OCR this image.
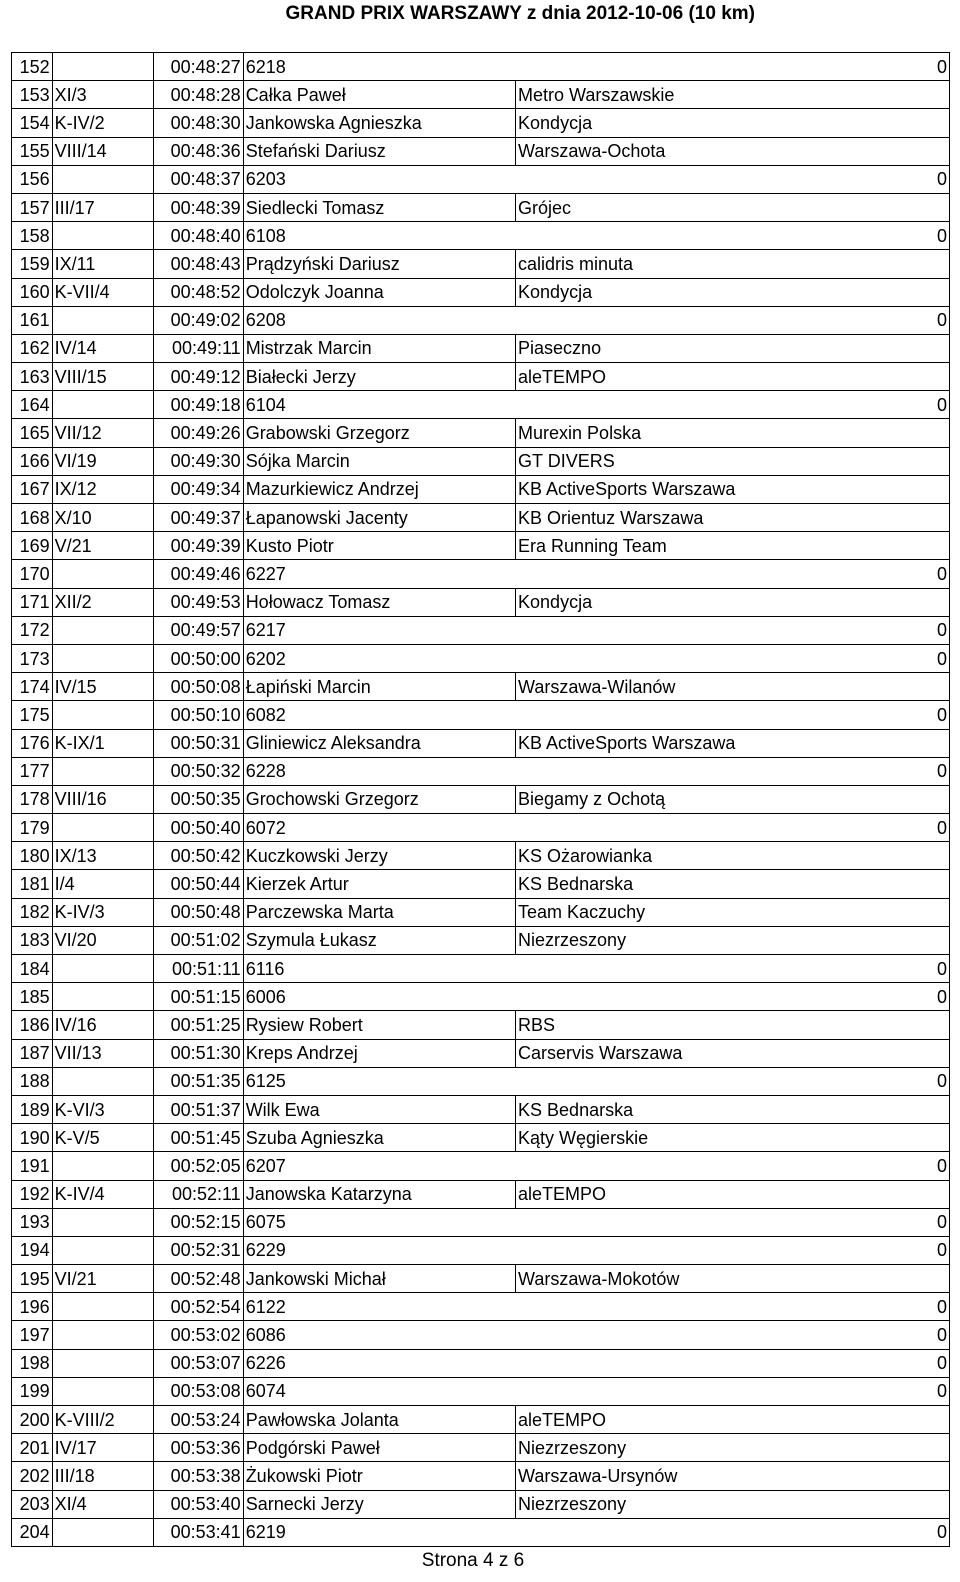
GRAND PRIX WARSZAWY z dnia 2012-10-06 (10 km)
152		00:48:27	6218		0
153	XI/3	00:48:28	Całka Paweł	Metro Warszawskie	
154	K-IV/2	00:48:30	Jankowska Agnieszka	Kondycja	
155	VIII/14	00:48:36	Stefański Dariusz	Warszawa-Ochota	
156		00:48:37	6203		0
157	III/17	00:48:39	Siedlecki Tomasz	Grójec	
158		00:48:40	6108		0
159	IX/11	00:48:43	Prądzyński Dariusz	calidris minuta	
160	K-VII/4	00:48:52	Odolczyk Joanna	Kondycja	
161		00:49:02	6208		0
162	IV/14	00:49:11	Mistrzak Marcin	Piaseczno	
163	VIII/15	00:49:12	Białecki Jerzy	aleTEMPO	
164		00:49:18	6104		0
165	VII/12	00:49:26	Grabowski Grzegorz	Murexin Polska	
166	VI/19	00:49:30	Sójka Marcin	GT DIVERS	
167	IX/12	00:49:34	Mazurkiewicz Andrzej	KB ActiveSports Warszawa	
168	X/10	00:49:37	Łapanowski Jacenty	KB Orientuz Warszawa	
169	V/21	00:49:39	Kusto Piotr	Era Running Team	
170		00:49:46	6227		0
171	XII/2	00:49:53	Hołowacz Tomasz	Kondycja	
172		00:49:57	6217		0
173		00:50:00	6202		0
174	IV/15	00:50:08	Łapiński Marcin	Warszawa-Wilanów	
175		00:50:10	6082		0
176	K-IX/1	00:50:31	Gliniewicz Aleksandra	KB ActiveSports Warszawa	
177		00:50:32	6228		0
178	VIII/16	00:50:35	Grochowski Grzegorz	Biegamy z Ochotą	
179		00:50:40	6072		0
180	IX/13	00:50:42	Kuczkowski Jerzy	KS Ożarowianka	
181	I/4	00:50:44	Kierzek Artur	KS Bednarska	
182	K-IV/3	00:50:48	Parczewska Marta	Team Kaczuchy	
183	VI/20	00:51:02	Szymula Łukasz	Niezrzeszony	
184		00:51:11	6116		0
185		00:51:15	6006		0
186	IV/16	00:51:25	Rysiew Robert	RBS	
187	VII/13	00:51:30	Kreps Andrzej	Carservis Warszawa	
188		00:51:35	6125		0
189	K-VI/3	00:51:37	Wilk Ewa	KS Bednarska	
190	K-V/5	00:51:45	Szuba Agnieszka	Kąty Węgierskie	
191		00:52:05	6207		0
192	K-IV/4	00:52:11	Janowska Katarzyna	aleTEMPO	
193		00:52:15	6075		0
194		00:52:31	6229		0
195	VI/21	00:52:48	Jankowski Michał	Warszawa-Mokotów	
196		00:52:54	6122		0
197		00:53:02	6086		0
198		00:53:07	6226		0
199		00:53:08	6074		0
200	K-VIII/2	00:53:24	Pawłowska Jolanta	aleTEMPO	
201	IV/17	00:53:36	Podgórski Paweł	Niezrzeszony	
202	III/18	00:53:38	Żukowski Piotr	Warszawa-Ursynów	
203	XI/4	00:53:40	Sarnecki Jerzy	Niezrzeszony	
204		00:53:41	6219		0
Strona 4 z 6
